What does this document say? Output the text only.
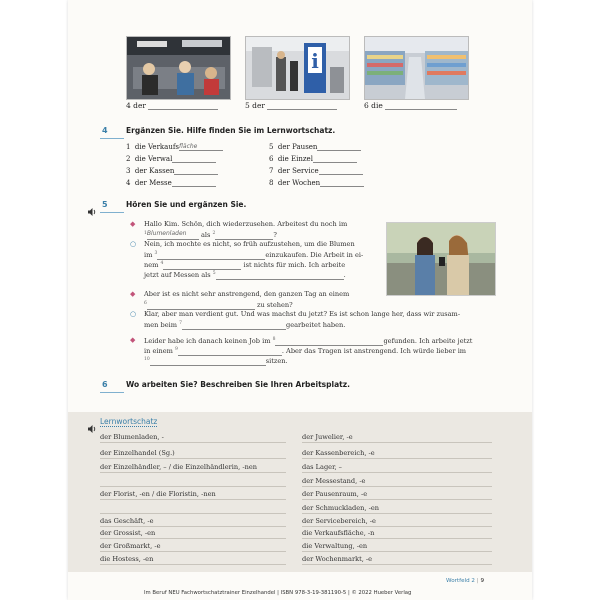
i
4 der	5 der	6 die
4 Ergänzen Sie. Hilfe finden Sie im Lernwortschatz.
1 die Verkaufsfläche
2 die Verwal
3 der Kassen
4 der Messe
5 der Pausen
6 die Einzel
7 der Service
8 der Wochen
5 Hören Sie und ergänzen Sie.
◆ Hallo Kim. Schön, dich wiederzusehen. Arbeitest du noch im
$^1$Blumenladen als $^2$	?
○ Nein, ich mochte es nicht, so früh aufzustehen, um die Blumen
im $^3$	einzukaufen. Die Arbeit in ei-
nem $^4$	ist nichts für mich. Ich arbeite
jetzt auf Messen als $^5$	.
◆ Aber ist es nicht sehr anstrengend, den ganzen Tag an einem
$^6$	zu stehen?
○ Klar, aber man verdient gut. Und was machst du jetzt? Es ist schon lange her, dass wir zusam-
men beim $^7$	gearbeitet haben.
◆ Leider habe ich danach keinen Job im $^8$	gefunden. Ich arbeite jetzt
in einem $^9$	. Aber das Tragen ist anstrengend. Ich würde lieber im
$^{10}$	sitzen.
6 Wo arbeiten Sie? Beschreiben Sie Ihren Arbeitsplatz.
Lernwortschatz
der Blumenladen, -
der Einzelhandel (Sg.)
der Einzelhändler, – / die Einzelhändlerin, -nen
der Florist, -en / die Floristin, -nen
das Geschäft, -e
der Grossist, -en
der Großmarkt, -e
die Hostess, -en
der Juwelier, -e
der Kassenbereich, -e
das Lager, –
der Messestand, -e
der Pausenraum, -e
der Schmuckladen, -en
der Servicebereich, -e
die Verkaufsfläche, -n
die Verwaltung, -en
der Wochenmarkt, -e
Wortfeld 2 | 9
Im Beruf NEU Fachwortschatztrainer Einzelhandel | ISBN 978-3-19-381190-5 | © 2022 Hueber Verlag
